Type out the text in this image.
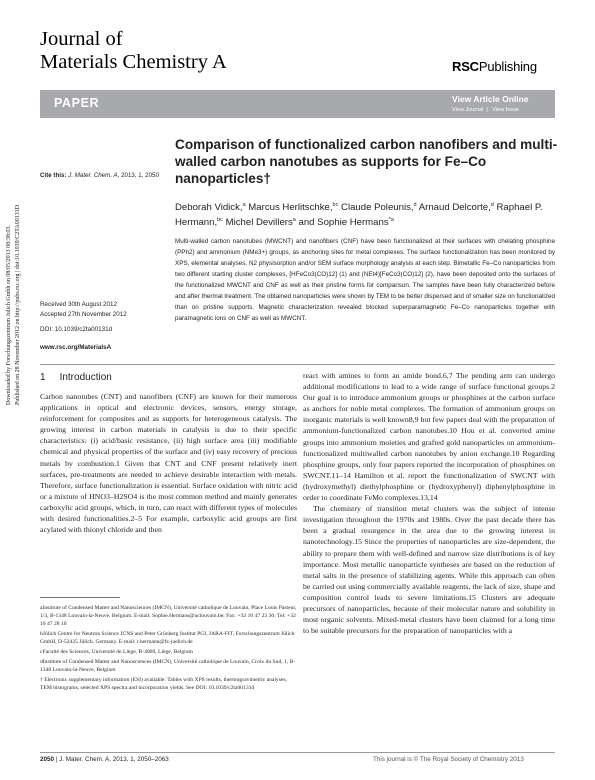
Journal of
Materials Chemistry A	RSCPublishing
PAPER	View Article Online
View Journal | View Issue
Downloaded by Forschungszentrum Julich Gmbh on 08/05/2013 08:38:03. Published on 28 November 2012 on http://pubs.rsc.org | doi:10.1039/C2TA00131D
Comparison of functionalized carbon nanofibers and multi-walled carbon nanotubes as supports for Fe–Co nanoparticles†
Cite this: J. Mater. Chem. A, 2013, 1, 2050
Deborah Vidick,$^a$ Marcus Herlitschke,$^{bc}$ Claude Poleunis,$^d$ Arnaud Delcorte,$^d$ Raphael P. Hermann,$^{bc}$ Michel Devillers$^a$ and Sophie Hermans$^{*a}$
Multi-walled carbon nanotubes (MWCNT) and nanofibers (CNF) have been functionalized at their surfaces with chelating phosphine (PPh2) and ammonium (NMe3+) groups, as anchoring sites for metal complexes. The surface functionalization has been monitored by XPS, elemental analyses, N2 physisorption and/or SEM surface morphology analysis at each step. Bimetallic Fe–Co nanoparticles from two different starting cluster complexes, [HFeCo3(CO)12] (1) and (NEt4)[FeCo3(CO)12] (2), have been deposited onto the surfaces of the functionalized MWCNT and CNF as well as their pristine forms for comparison. The samples have been fully characterized before and after thermal treatment. The obtained nanoparticles were shown by TEM to be better dispersed and of smaller size on functionalized than on pristine supports. Magnetic characterization revealed blocked superparamagnetic Fe–Co nanoparticles together with paramagnetic ions on CNF as well as MWCNT.
Received 30th August 2012
Accepted 27th November 2012
DOI: 10.1039/c2ta00131d
www.rsc.org/MaterialsA
1 Introduction

Carbon nanotubes (CNT) and nanofibers (CNF) are known for their numerous applications in optical and electronic devices, sensors, energy storage, reinforcement for composites and as supports for heterogeneous catalysis. The growing interest in carbon materials in catalysis is due to their specific characteristics: (i) acid/basic resistance, (ii) high surface area (iii) modifiable chemical and physical properties of the surface and (iv) easy recovery of precious metals by combustion.1 Given that CNT and CNF present relatively inert surfaces, pre-treatments are needed to achieve desirable interaction with metals. Therefore, surface functionalization is essential. Surface oxidation with nitric acid or a mixture of HNO3–H2SO4 is the most common method and mainly generates carboxylic acid groups, which, in turn, can react with different types of molecules with desired functionalities.2–5 For example, carboxylic acid groups are first acylated with thionyl chloride and then

react with amines to form an amide bond.6,7 The pending arm can undergo additional modifications to lead to a wide range of surface functional groups.2 Our goal is to introduce ammonium groups or phosphines at the carbon surface as anchors for noble metal complexes. The formation of ammonium groups on inorganic materials is well known8,9 but few papers deal with the preparation of ammonium-functionalized carbon nanotubes.10 Hou et al. converted amine groups into ammonium moieties and grafted gold nanoparticles on ammonium-functionalized multiwalled carbon nanotubes by anion exchange.10 Regarding phosphine groups, only four papers reported the incorporation of phosphines on SWCNT.11–14 Hamilton et al. report the functionalization of SWCNT with (hydroxymethyl) diethylphosphine or (hydroxyphenyl) diphenylphosphine in order to coordinate FeMo complexes.13,14

The chemistry of transition metal clusters was the subject of intense investigation throughout the 1970s and 1980s. Over the past decade there has been a gradual resurgence in the area due to the growing interest in nanotechnology.15 Since the properties of nanoparticles are size-dependent, the ability to prepare them with well-defined and narrow size distributions is of key importance. Most metallic nanoparticle syntheses are based on the reduction of metal salts in the presence of stabilizing agents. While this approach can often be carried out using commercially available reagents, the lack of size, shape and composition control leads to severe limitations.15 Clusters are adequate precursors of nanoparticles, because of their molecular nature and solubility in most organic solvents. Mixed-metal clusters have been claimed for a long time to be suitable precursors for the preparation of nanoparticles with a

aInstitute of Condensed Matter and Nanosciences (IMCN), Université catholique de Louvain, Place Louis Pasteur, 1/3, B-1348 Louvain-la-Neuve, Belgium. E-mail: Sophie.Hermans@uclouvain.be; Fax: +32 10 47 23 30; Tel: +32 10 47 28 10

bJülich Centre for Neutron Science JCNS and Peter Grünberg Institut PGI, JARA-FIT, Forschungszentrum Jülich GmbH, D-52425 Jülich, Germany. E-mail: r.hermann@fz-juelich.de

cFaculté des Sciences, Université de Liège, B-4000, Liège, Belgium

dInstitute of Condensed Matter and Nanosciences (IMCN), Université catholique de Louvain, Croix du Sud, 1, B-1348 Louvain-la-Neuve, Belgium

† Electronic supplementary information (ESI) available: Tables with XPS results, thermogravimetric analyses, TEM histograms, selected XPS spectra and incorporation yields. See DOI: 10.1039/c2ta00131d

2050 | J. Mater. Chem. A, 2013, 1, 2050–2063	This journal is © The Royal Society of Chemistry 2013
